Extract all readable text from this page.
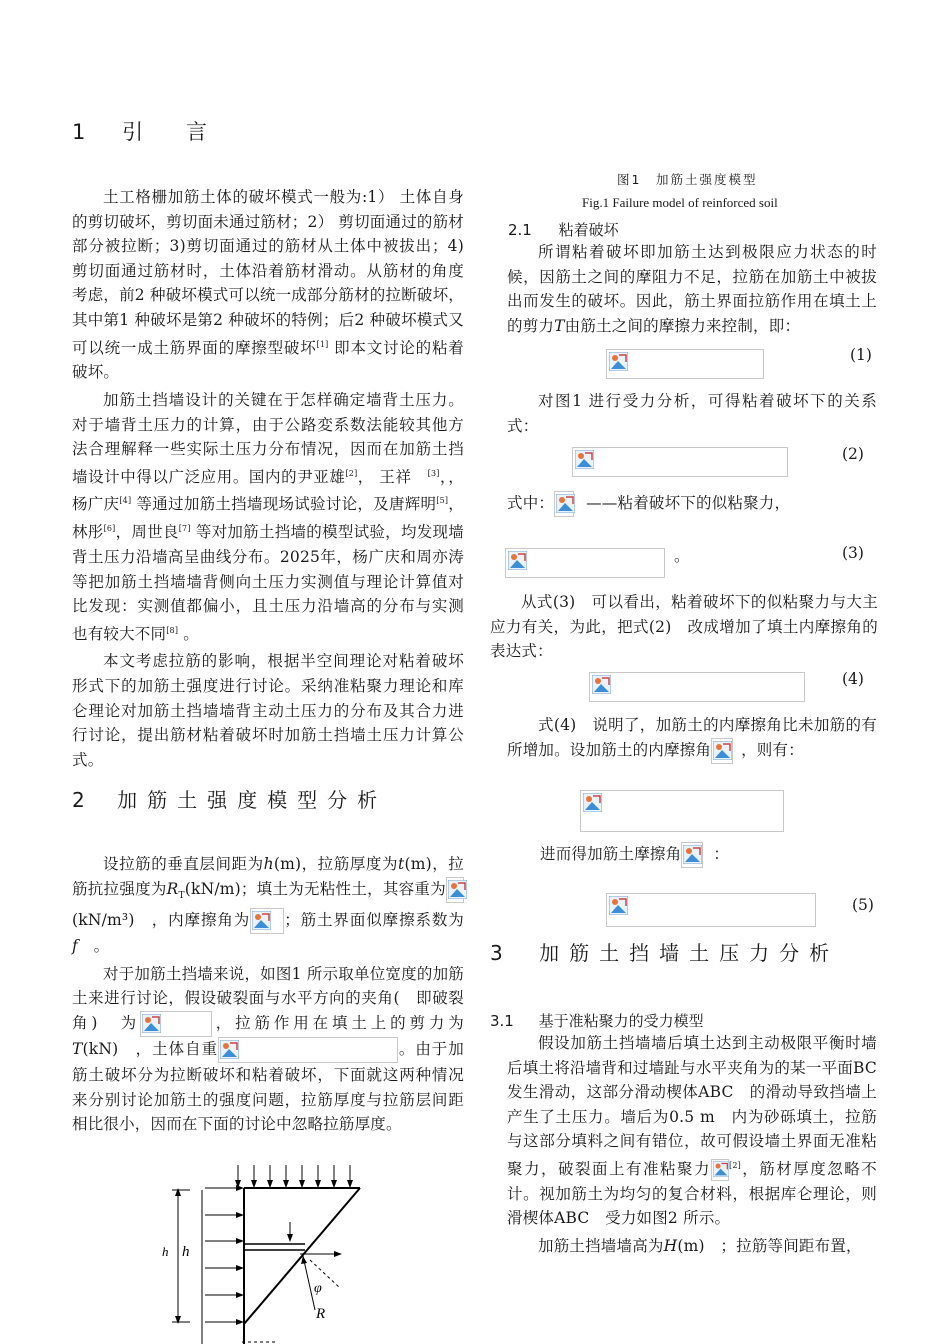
1 引　言

土工格栅加筋土体的破坏模式一般为:1） 土体自身的剪切破坏，剪切面未通过筋材；2） 剪切面通过的筋材部分被拉断；3)剪切面通过的筋材从土体中被拔出；4)剪切面通过筋材时，土体沿着筋材滑动。从筋材的角度考虑，前2 种破坏模式可以统一成部分筋材的拉断破坏，其中第1 种破坏是第2 种破坏的特例；后2 种破坏模式又可以统一成土筋界面的摩擦型破坏[1] 即本文讨论的粘着破坏。

加筋土挡墙设计的关键在于怎样确定墙背土压力。对于墙背土压力的计算，由于公路変系数法能较其他方法合理解释一些实际土压力分布情况，因而在加筋土挡墙设计中得以广泛应用。国内的尹亚雄[2]， 王祥　[3]，，杨广庆[4] 等通过加筋土挡墙现场试验讨论，及唐辉明[5]，林彤[6]，周世良[7] 等对加筋土挡墙的模型试验，均发现墙背土压力沿墙高呈曲线分布。2025年，杨广庆和周亦涛等把加筋土挡墙墙背侧向土压力实测值与理论计算值对比发现：实测值都偏小，且土压力沿墙高的分布与实测也有较大不同[8] 。

本文考虑拉筋的影响，根据半空间理论对粘着破坏形式下的加筋土强度进行讨论。采纳准粘聚力理论和库仑理论对加筋土挡墙墙背主动土压力的分布及其合力进行讨论，提出筋材粘着破坏时加筋土挡墙土压力计算公式。

2 加筋土强度模型分析

设拉筋的垂直层间距为h(m)，拉筋厚度为t(m)，拉筋抗拉强度为$R_T(kN/m)$；填土为无粘性土，其容重为
(kN/m³)　，内摩擦角为 ；筋土界面似摩擦系数为f　。

对于加筋土挡墙来说，如图1 所示取单位宽度的加筋土来进行讨论，假设破裂面与水平方向的夹角(　即破裂角)　为	，拉筋作用在填土上的剪力为T(kN)　，土体自重	。由于加筋土破坏分为拉断破坏和粘着破坏，下面就这两种情况来分别讨论加筋土的强度问题，拉筋厚度与拉筋层间距相比很小，因而在下面的讨论中忽略拉筋厚度。

h h
φ
R
图1　加筋土强度模型
Fig.1 Failure model of reinforced soil
2.1 粘着破坏

所谓粘着破坏即加筋土达到极限应力状态的时候，因筋土之间的摩阻力不足，拉筋在加筋土中被拔出而发生的破坏。因此，筋土界面拉筋作用在填土上的剪力T由筋土之间的摩擦力来控制，即：

(1)

对图1 进行受力分析，可得粘着破坏下的关系式：

(2)
式中： ——粘着破坏下的似粘聚力，
。	(3)

从式(3)　可以看出，粘着破坏下的似粘聚力与大主应力有关，为此，把式(2)　改成增加了填土内摩擦角的表达式：

(4)

式(4)　说明了，加筋土的内摩擦角比未加筋的有所增加。设加筋土的内摩擦角 ，则有：

进而得加筋土摩擦角 ：
(5)
3 加筋土挡墙土压力分析
3.1 基于准粘聚力的受力模型

假设加筋土挡墙墙后填土达到主动极限平衡时墙后填土将沿墙背和过墙趾与水平夹角为的某一平面BC　发生滑动，这部分滑动楔体ABC　的滑动导致挡墙上产生了土压力。墙后为0.5 m　内为砂砾填土，拉筋与这部分填料之间有错位，故可假设墙土界面无准粘聚力，破裂面上有准粘聚力 [2]，筋材厚度忽略不计。视加筋土为均匀的复合材料，根据库仑理论，则滑楔体ABC　受力如图2 所示。

加筋土挡墙墙高为H(m)　；拉筋等间距布置，
